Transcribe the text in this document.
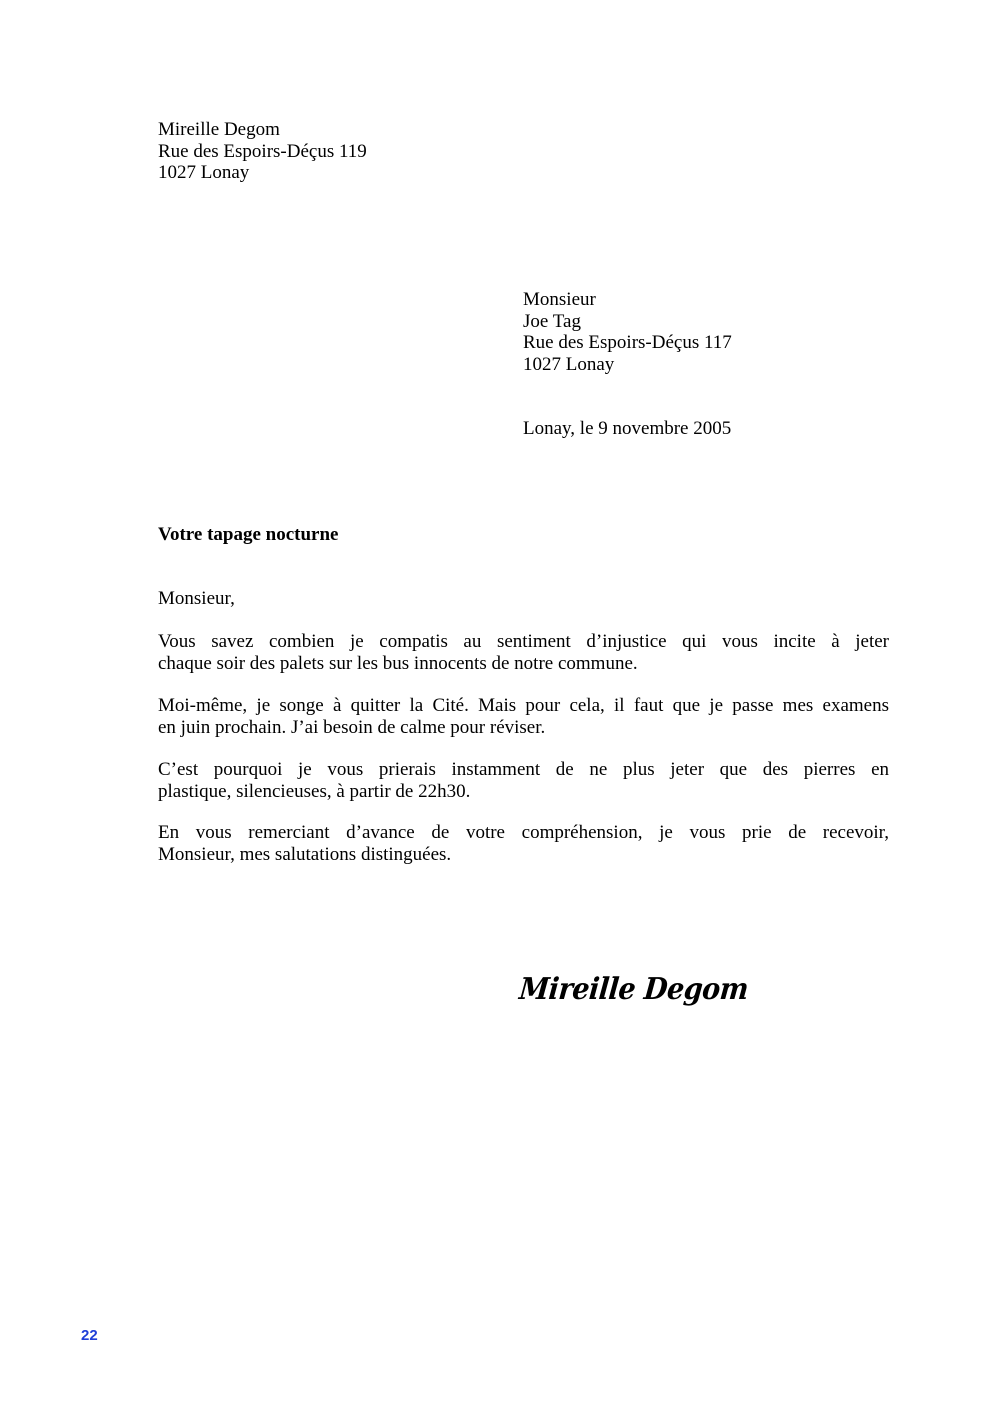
Mireille Degom
Rue des Espoirs-Déçus 119
1027 Lonay
Monsieur
Joe Tag
Rue des Espoirs-Déçus 117
1027 Lonay
Lonay, le 9 novembre 2005
Votre tapage nocturne
Monsieur,
Vous savez combien je compatis au sentiment d’injustice qui vous incite à jeter
chaque soir des palets sur les bus innocents de notre commune.
Moi-même, je songe à quitter la Cité. Mais pour cela, il faut que je passe mes examens
en juin prochain. J’ai besoin de calme pour réviser.
C’est pourquoi je vous prierais instamment de ne plus jeter que des pierres en
plastique, silencieuses, à partir de 22h30.
En vous remerciant d’avance de votre compréhension, je vous prie de recevoir,
Monsieur, mes salutations distinguées.
Mireille Degom
22
